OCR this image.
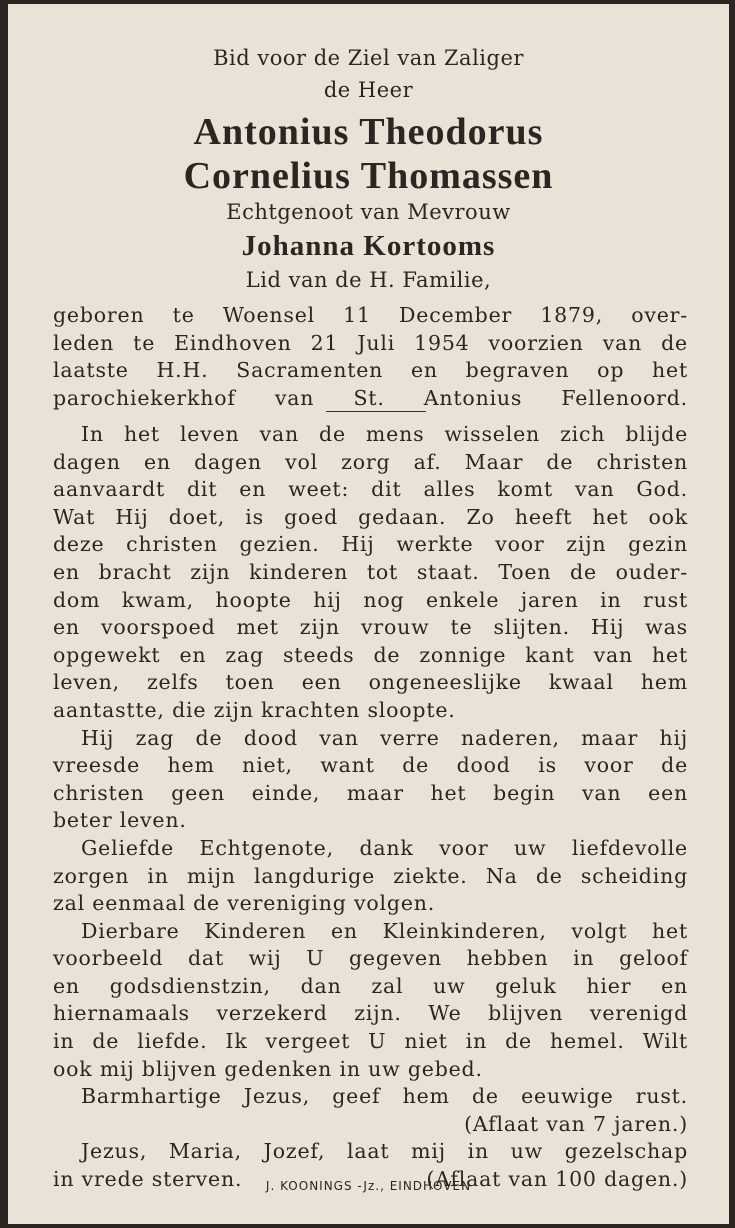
Bid voor de Ziel van Zaliger
de Heer
Antonius Theodorus
Cornelius Thomassen
Echtgenoot van Mevrouw
Johanna Kortooms
Lid van de H. Familie,
geboren te Woensel 11 December 1879, over-
leden te Eindhoven 21 Juli 1954 voorzien van de
laatste H.H. Sacramenten en begraven op het
parochiekerkhof van St. Antonius Fellenoord.
In het leven van de mens wisselen zich blijde
dagen en dagen vol zorg af. Maar de christen
aanvaardt dit en weet: dit alles komt van God.
Wat Hij doet, is goed gedaan. Zo heeft het ook
deze christen gezien. Hij werkte voor zijn gezin
en bracht zijn kinderen tot staat. Toen de ouder-
dom kwam, hoopte hij nog enkele jaren in rust
en voorspoed met zijn vrouw te slijten. Hij was
opgewekt en zag steeds de zonnige kant van het
leven, zelfs toen een ongeneeslijke kwaal hem
aantastte, die zijn krachten sloopte.
Hij zag de dood van verre naderen, maar hij
vreesde hem niet, want de dood is voor de
christen geen einde, maar het begin van een
beter leven.
Geliefde Echtgenote, dank voor uw liefdevolle
zorgen in mijn langdurige ziekte. Na de scheiding
zal eenmaal de vereniging volgen.
Dierbare Kinderen en Kleinkinderen, volgt het
voorbeeld dat wij U gegeven hebben in geloof
en godsdienstzin, dan zal uw geluk hier en
hiernamaals verzekerd zijn. We blijven verenigd
in de liefde. Ik vergeet U niet in de hemel. Wilt
ook mij blijven gedenken in uw gebed.
Barmhartige Jezus, geef hem de eeuwige rust.
(Aflaat van 7 jaren.)
Jezus, Maria, Jozef, laat mij in uw gezelschap
in vrede sterven.	(Aflaat van 100 dagen.)
J. KOONINGS -Jz., EINDHOVEN
